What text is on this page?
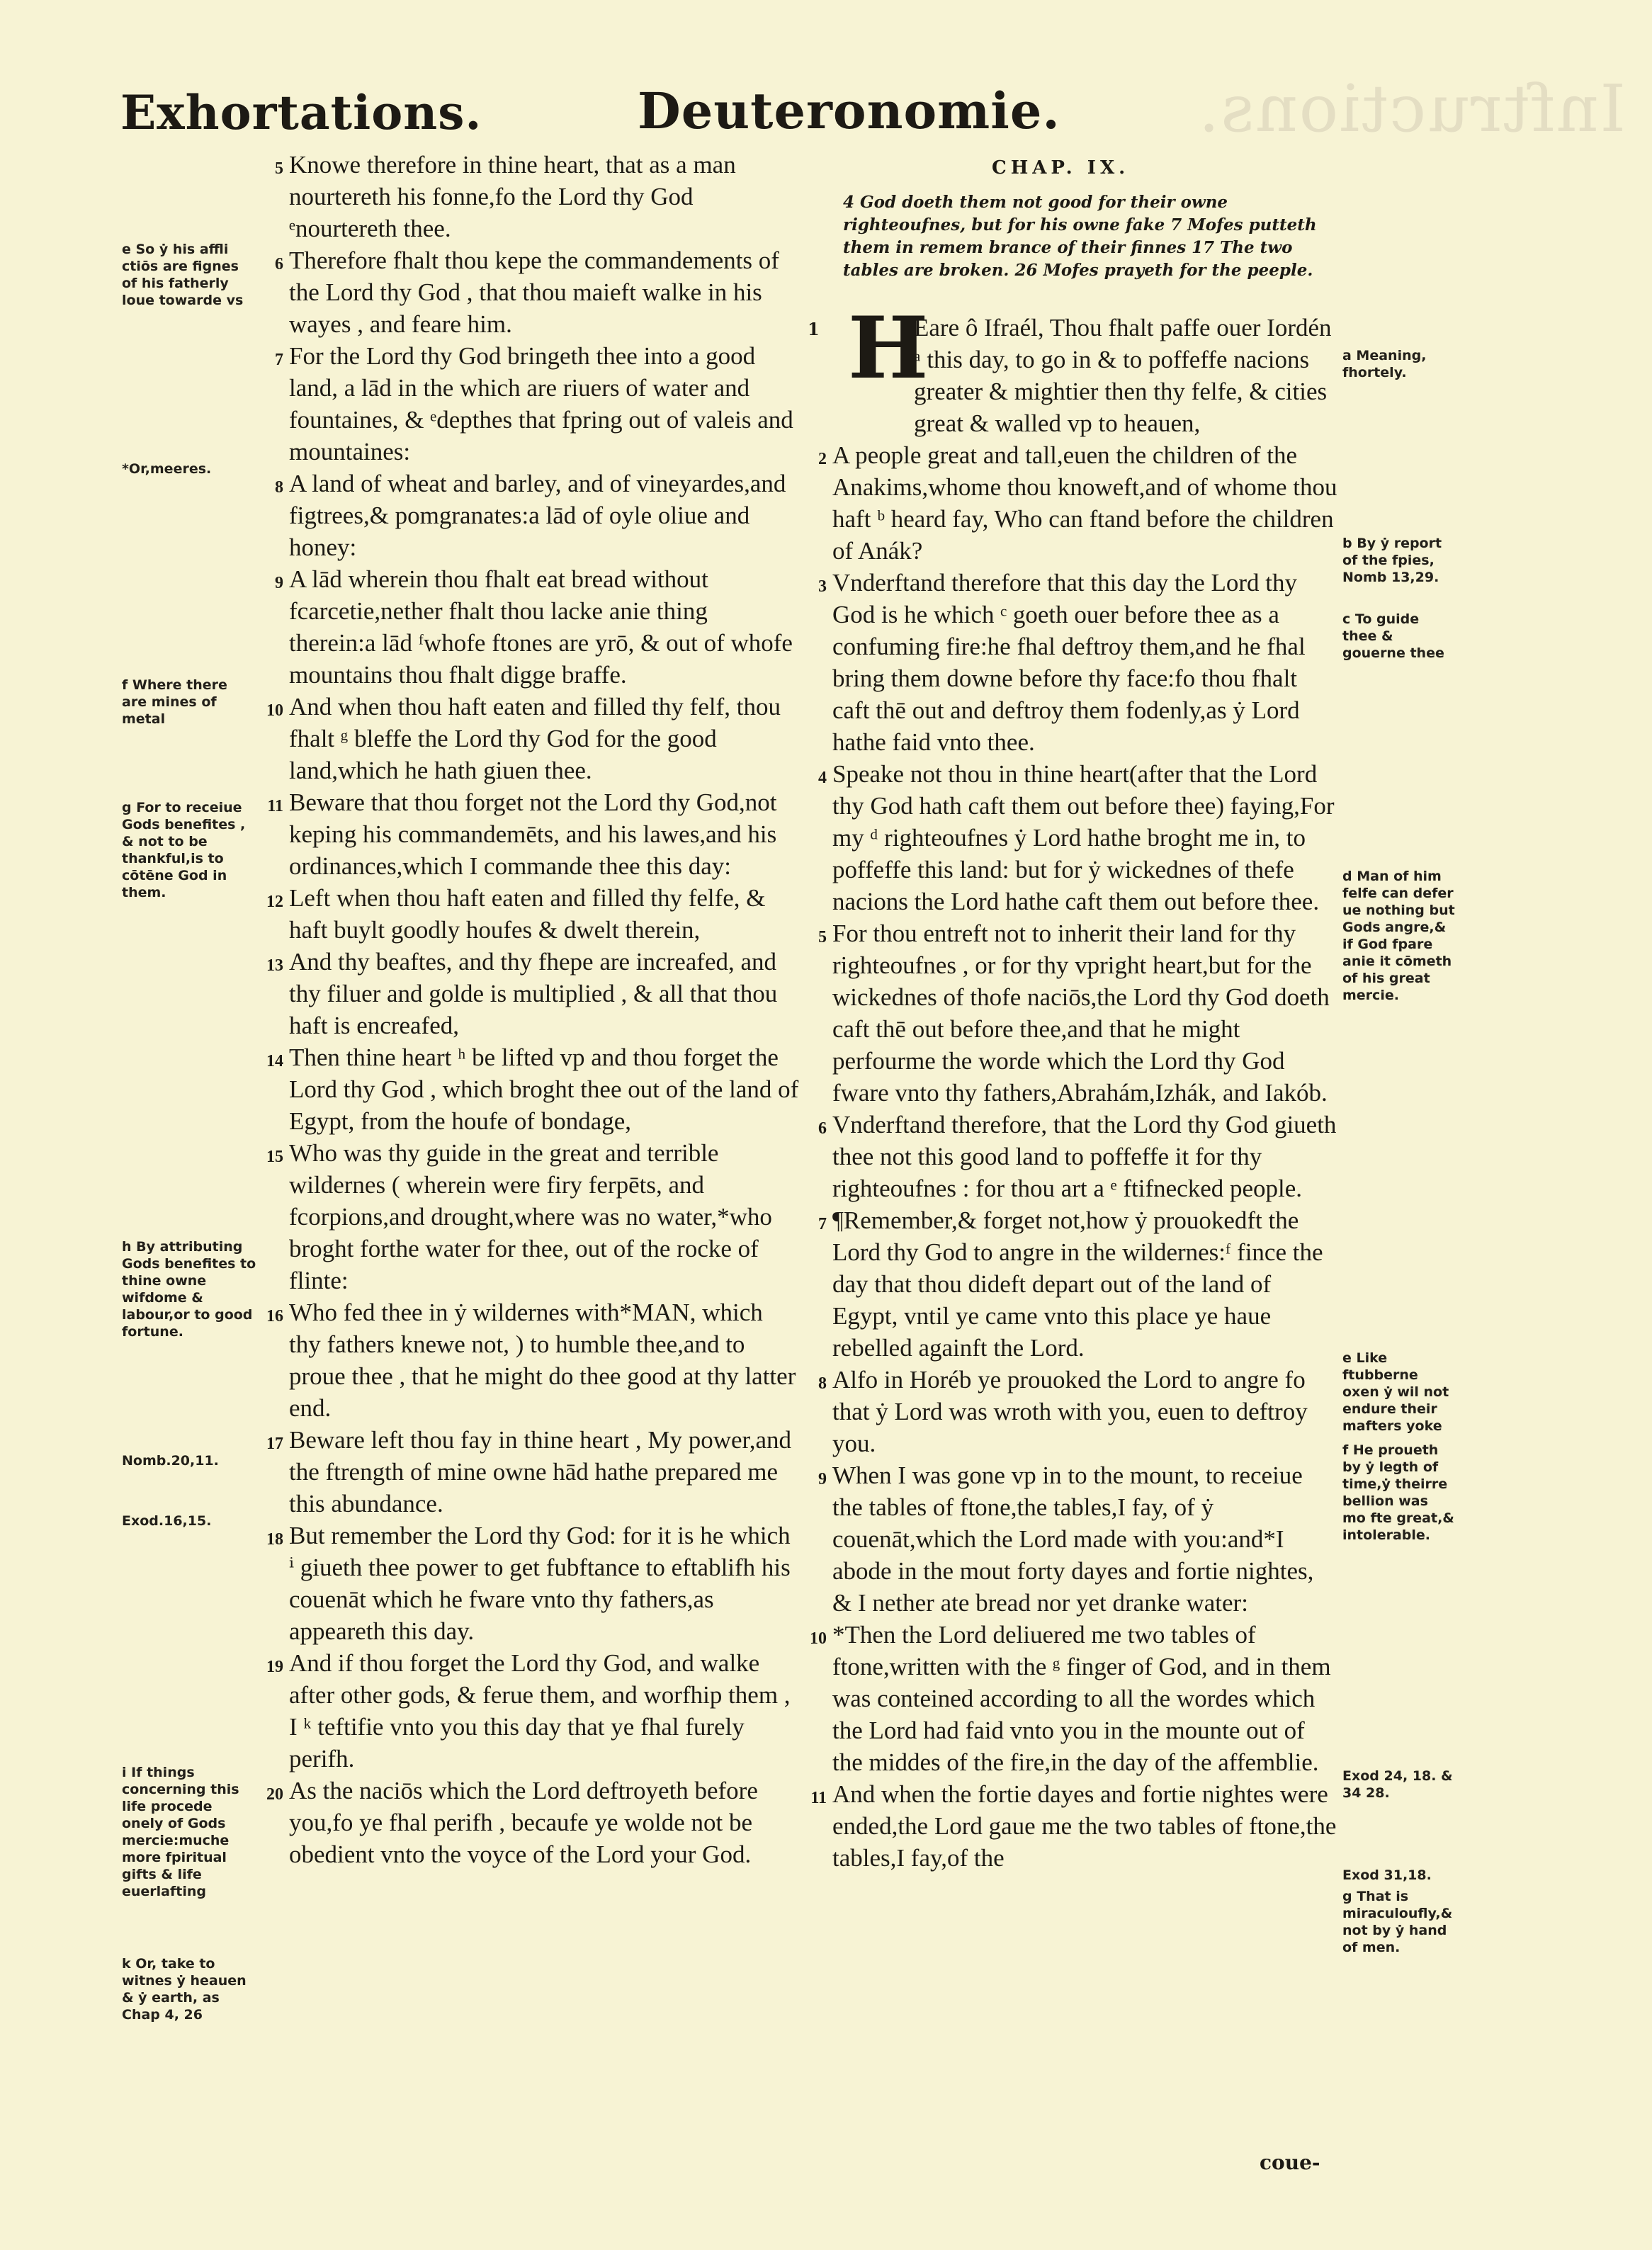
Inftructions.
Exhortations.	Deuteronomie.
CHAP. IX.
4 God doeth them not good for their owne righteoufnes, but for his owne fake 7 Mofes putteth them in remem brance of their finnes 17 The two tables are broken. 26 Mofes prayeth for the peeple.
5 Knowe therefore in thine heart, that as a man nourtereth his fonne,fo the Lord thy God ᵉnourtereth thee.

6 Therefore fhalt thou kepe the commandements of the Lord thy God , that thou maieft walke in his wayes , and feare him.

7 For the Lord thy God bringeth thee into a good land, a lād in the which are riuers of water and fountaines, & ᵉdepthes that fpring out of valeis and mountaines:

8 A land of wheat and barley, and of vineyardes,and figtrees,& pomgranates:a lād of oyle oliue and honey:

9 A lād wherein thou fhalt eat bread without fcarcetie,nether fhalt thou lacke anie thing therein:a lād ᶠwhofe ftones are yrō, & out of whofe mountains thou fhalt digge braffe.

10 And when thou haft eaten and filled thy felf, thou fhalt ᵍ bleffe the Lord thy God for the good land,which he hath giuen thee.

11 Beware that thou forget not the Lord thy God,not keping his commandemēts, and his lawes,and his ordinances,which I commande thee this day:

12 Left when thou haft eaten and filled thy felfe, & haft buylt goodly houfes & dwelt therein,

13 And thy beaftes, and thy fhepe are increafed, and thy filuer and golde is multiplied , & all that thou haft is encreafed,

14 Then thine heart ʰ be lifted vp and thou forget the Lord thy God , which broght thee out of the land of Egypt, from the houfe of bondage,

15 Who was thy guide in the great and terrible wildernes ( wherein were firy ferpēts, and fcorpions,and drought,where was no water,*who broght forthe water for thee, out of the rocke of flinte:

16 Who fed thee in ẏ wildernes with*MAN, which thy fathers knewe not, ) to humble thee,and to proue thee , that he might do thee good at thy latter end.

17 Beware left thou fay in thine heart , My power,and the ftrength of mine owne hād hathe prepared me this abundance.

18 But remember the Lord thy God: for it is he which ⁱ giueth thee power to get fubftance to eftablifh his couenāt which he fware vnto thy fathers,as appeareth this day.

19 And if thou forget the Lord thy God, and walke after other gods, & ferue them, and worfhip them , I ᵏ teftifie vnto you this day that ye fhal furely perifh.

20 As the naciōs which the Lord deftroyeth before you,fo ye fhal perifh , becaufe ye wolde not be obedient vnto the voyce of the Lord your God.

e So ẏ his affli ctiōs are fignes of his fatherly loue towarde vs
*Or,meeres.
f Where there are mines of metal
g For to receiue Gods benefites , & not to be thankful,is to cōtēne God in them.
h By attributing Gods benefites to thine owne wifdome & labour,or to good fortune.
Nomb.20,11.
Exod.16,15.
i If things concerning this life procede onely of Gods mercie:muche more fpiritual gifts & life euerlafting
k Or, take to witnes ẏ heauen & ẏ earth, as Chap 4, 26
1 H

Eare ô Ifraél, Thou fhalt paffe ouer Iordén ᵃ this day, to go in & to poffeffe nacions greater & mightier then thy felfe, & cities great & walled vp to heauen,

2 A people great and tall,euen the children of the Anakims,whome thou knoweft,and of whome thou haft ᵇ heard fay, Who can ftand before the children of Anák?

3 Vnderftand therefore that this day the Lord thy God is he which ᶜ goeth ouer before thee as a confuming fire:he fhal deftroy them,and he fhal bring them downe before thy face:fo thou fhalt caft thē out and deftroy them fodenly,as ẏ Lord hathe faid vnto thee.

4 Speake not thou in thine heart(after that the Lord thy God hath caft them out before thee) faying,For my ᵈ righteoufnes ẏ Lord hathe broght me in, to poffeffe this land: but for ẏ wickednes of thefe nacions the Lord hathe caft them out before thee.

5 For thou entreft not to inherit their land for thy righteoufnes , or for thy vpright heart,but for the wickednes of thofe naciōs,the Lord thy God doeth caft thē out before thee,and that he might perfourme the worde which the Lord thy God fware vnto thy fathers,Abrahám,Izhák, and Iakób.

6 Vnderftand therefore, that the Lord thy God giueth thee not this good land to poffeffe it for thy righteoufnes : for thou art a ᵉ ftifnecked people.

7 ¶Remember,& forget not,how ẏ prouokedft the Lord thy God to angre in the wildernes:ᶠ fince the day that thou dideft depart out of the land of Egypt, vntil ye came vnto this place ye haue rebelled againft the Lord.

8 Alfo in Horéb ye prouoked the Lord to angre fo that ẏ Lord was wroth with you, euen to deftroy you.

9 When I was gone vp in to the mount, to receiue the tables of ftone,the tables,I fay, of ẏ couenāt,which the Lord made with you:and*I abode in the mout forty dayes and fortie nightes, & I nether ate bread nor yet dranke water:

10 *Then the Lord deliuered me two tables of ftone,written with the ᵍ finger of God, and in them was conteined according to all the wordes which the Lord had faid vnto you in the mounte out of the middes of the fire,in the day of the affemblie.

11 And when the fortie dayes and fortie nightes were ended,the Lord gaue me the two tables of ftone,the tables,I fay,of the

a Meaning, fhortely.
b By ẏ report of the fpies, Nomb 13,29.
c To guide thee & gouerne thee
d Man of him felfe can defer ue nothing but Gods angre,& if God fpare anie it cōmeth of his great mercie.
e Like ftubberne oxen ẏ wil not endure their mafters yoke
f He proueth by ẏ legth of time,ẏ theirre bellion was mo fte great,& intolerable.
Exod 24, 18. & 34 28.
Exod 31,18.
g That is miraculoufly,& not by ẏ hand of men.
coue-
